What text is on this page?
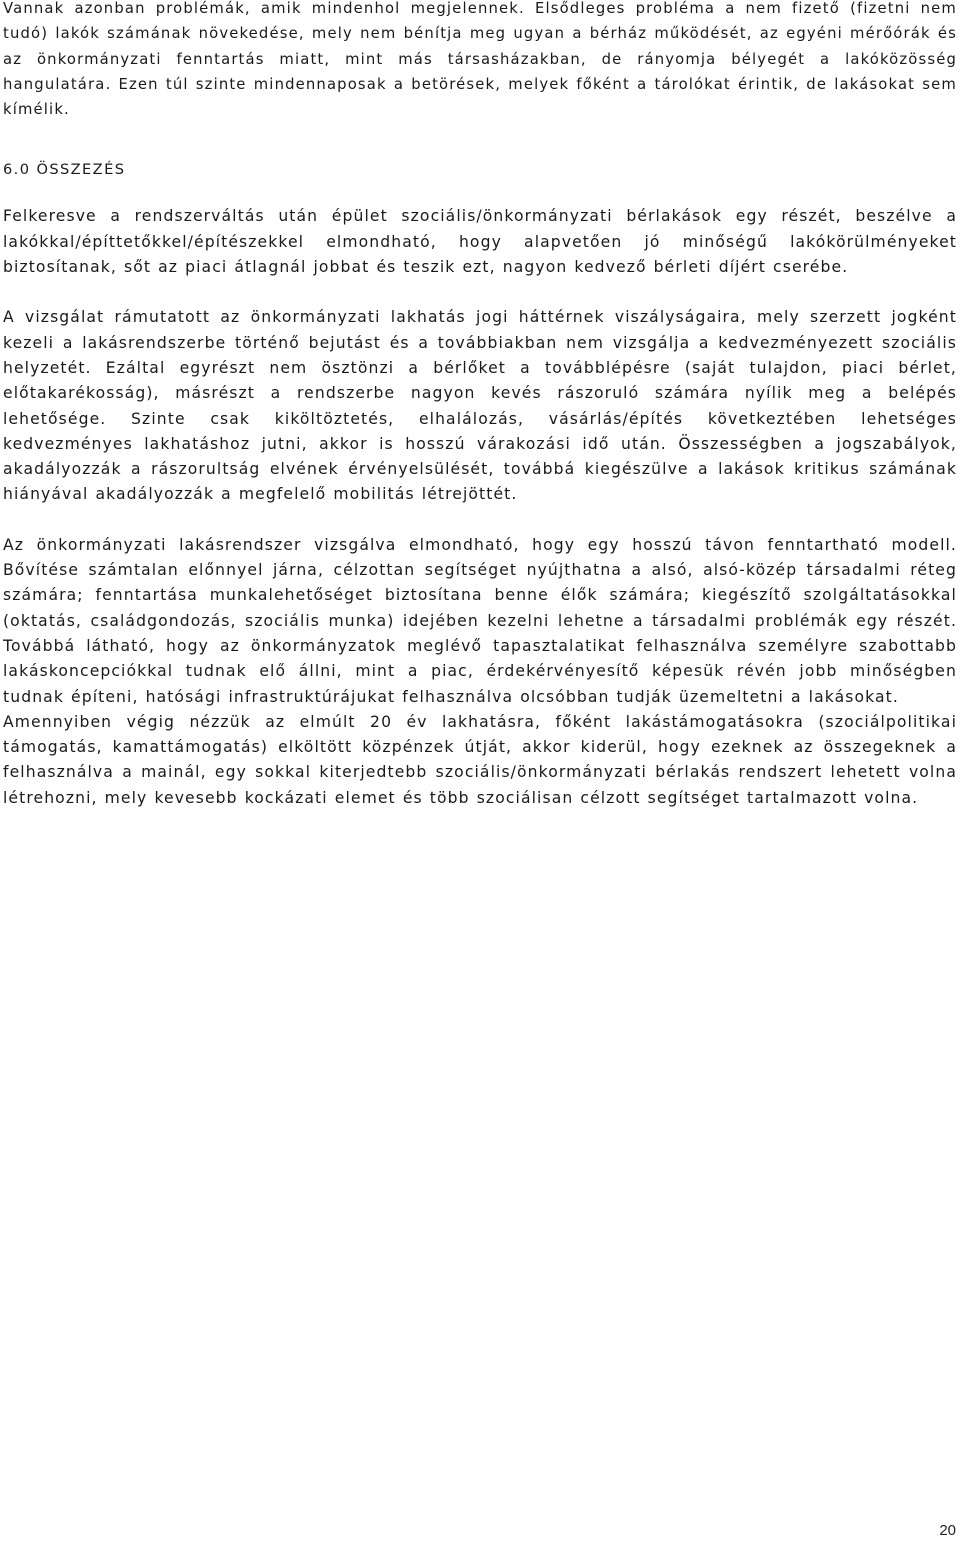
Vannak azonban problémák, amik mindenhol megjelennek. Elsődleges probléma a nem fizető (fizetni nem tudó) lakók számának növekedése, mely nem bénítja meg ugyan a bérház működését, az egyéni mérőórák és az önkormányzati fenntartás miatt, mint más társasházakban, de rányomja bélyegét a lakóközösség hangulatára. Ezen túl szinte mindennaposak a betörések, melyek főként a tárolókat érintik, de lakásokat sem kímélik.

6.0 ÖSSZEZÉS

Felkeresve a rendszerváltás után épület szociális/önkormányzati bérlakások egy részét, beszélve a lakókkal/építtetőkkel/építészekkel elmondható, hogy alapvetően jó minőségű lakókörülményeket biztosítanak, sőt az piaci átlagnál jobbat és teszik ezt, nagyon kedvező bérleti díjért cserébe.

A vizsgálat rámutatott az önkormányzati lakhatás jogi háttérnek viszályságaira, mely szerzett jogként kezeli a lakásrendszerbe történő bejutást és a továbbiakban nem vizsgálja a kedvezményezett szociális helyzetét. Ezáltal egyrészt nem ösztönzi a bérlőket a továbblépésre (saját tulajdon, piaci bérlet, előtakarékosság), másrészt a rendszerbe nagyon kevés rászoruló számára nyílik meg a belépés lehetősége. Szinte csak kiköltöztetés, elhalálozás, vásárlás/építés következtében lehetséges kedvezményes lakhatáshoz jutni, akkor is hosszú várakozási idő után. Összességben a jogszabályok, akadályozzák a rászorultság elvének érvényelsülését, továbbá kiegészülve a lakások kritikus számának hiányával akadályozzák a megfelelő mobilitás létrejöttét.

Az önkormányzati lakásrendszer vizsgálva elmondható, hogy egy hosszú távon fenntartható modell. Bővítése számtalan előnnyel járna, célzottan segítséget nyújthatna a alsó, alsó-közép társadalmi réteg számára; fenntartása munkalehetőséget biztosítana benne élők számára; kiegészítő szolgáltatásokkal (oktatás, családgondozás, szociális munka) idejében kezelni lehetne a társadalmi problémák egy részét. Továbbá látható, hogy az önkormányzatok meglévő tapasztalatikat felhasználva személyre szabottabb lakáskoncepciókkal tudnak elő állni, mint a piac, érdekérvényesítő képesük révén jobb minőségben tudnak építeni, hatósági infrastruktúrájukat felhasználva olcsóbban tudják üzemeltetni a lakásokat.

Amennyiben végig nézzük az elmúlt 20 év lakhatásra, főként lakástámogatásokra (szociálpolitikai támogatás, kamattámogatás) elköltött közpénzek útját, akkor kiderül, hogy ezeknek az összegeknek a felhasználva a mainál, egy sokkal kiterjedtebb szociális/önkormányzati bérlakás rendszert lehetett volna létrehozni, mely kevesebb kockázati elemet és több szociálisan célzott segítséget tartalmazott volna.

20
